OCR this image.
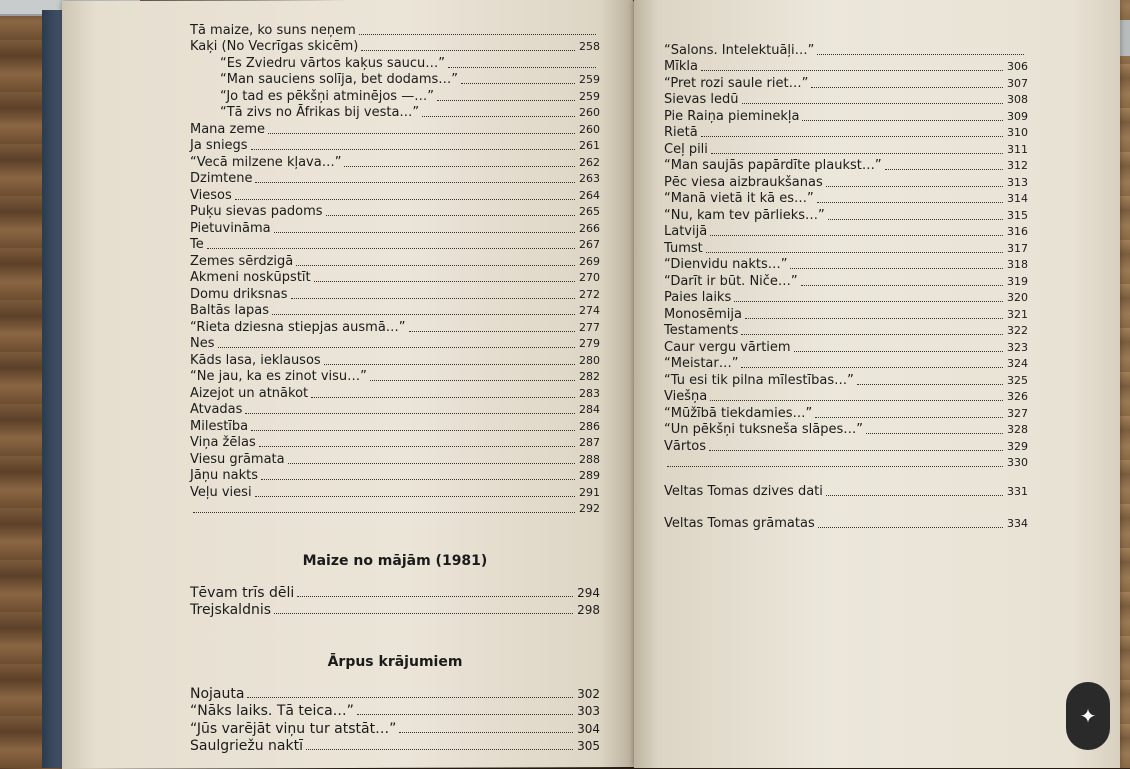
Tā maize, ko suns neņem
Kaķi (No Vecrīgas skicēm)	258
“Es Zviedru vārtos kaķus saucu…”
“Man sauciens solīja, bet dodams…”	259
“Jo tad es pēkšņi atminējos —…”	259
“Tā zivs no Āfrikas bij vesta…”	260
Mana zeme	260
Ja sniegs	261
“Vecā milzene kļava…”	262
Dzimtene	263
Viesos	264
Puķu sievas padoms	265
Pietuvināma	266
Te	267
Zemes sērdzigā	269
Akmeni noskūpstīt	270
Domu driksnas	272
Baltās lapas	274
“Rieta dziesna stiepjas ausmā…”	277
Nes	279
Kāds lasa, ieklausos	280
“Ne jau, ka es zinot visu…”	282
Aizejot un atnākot	283
Atvadas	284
Milestība	286
Viņa žēlas	287
Viesu grāmata	288
Jāņu nakts	289
Veļu viesi	291
292
Maize no mājām (1981)
Tēvam trīs dēli	294
Trejskaldnis	298
Ārpus krājumiem
Nojauta	302
“Nāks laiks. Tā teica…”	303
“Jūs varējāt viņu tur atstāt…”	304
Saulgriežu naktī	305
“Salons. Intelektuāļi…”
Mīkla	306
“Pret rozi saule riet…”	307
Sievas ledū	308
Pie Raiņa pieminekļa	309
Rietā	310
Ceļ pili	311
“Man saujās papārdīte plaukst…”	312
Pēc viesa aizbraukšanas	313
“Manā vietā it kā es…”	314
“Nu, kam tev pārlieks…”	315
Latvijā	316
Tumst	317
“Dienvidu nakts…”	318
“Darīt ir būt. Niče…”	319
Paies laiks	320
Monosēmija	321
Testaments	322
Caur vergu vārtiem	323
“Meistar…”	324
“Tu esi tik pilna mīlestības…”	325
Viešņa	326
“Mūžībā tiekdamies…”	327
“Un pēkšņi tuksneša slāpes…”	328
Vārtos	329
330
Veltas Tomas dzives dati	331
Veltas Tomas grāmatas	334
✦
